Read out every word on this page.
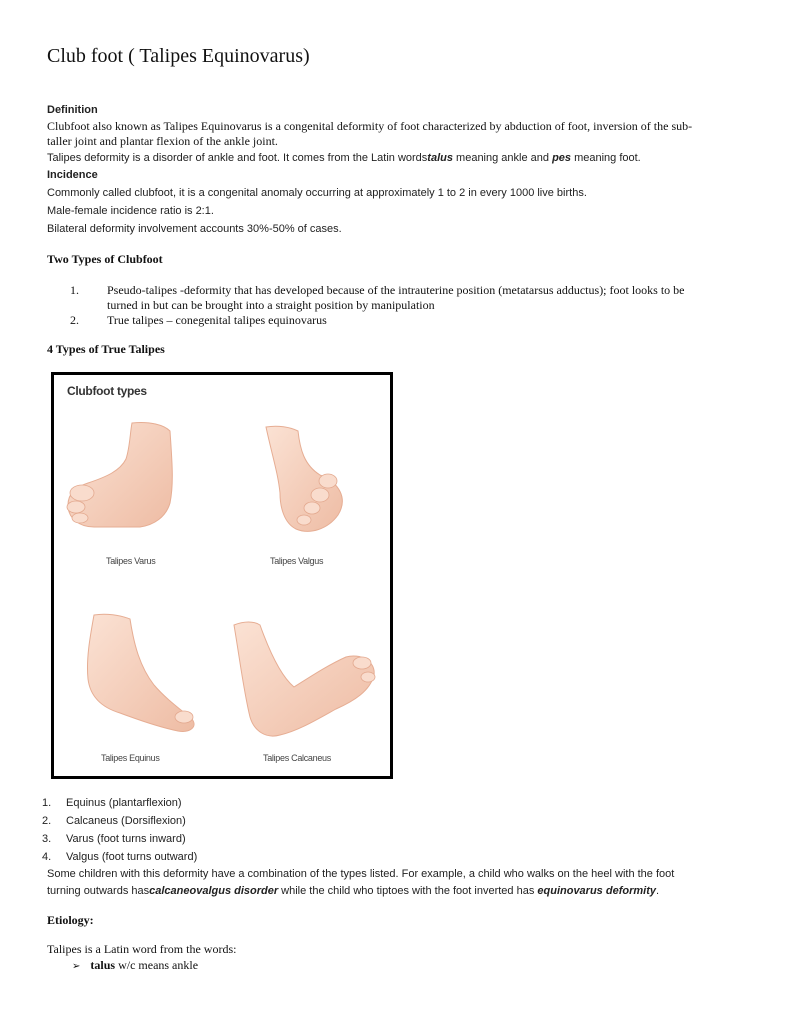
Club foot ( Talipes Equinovarus)
Definition
Clubfoot also known as Talipes Equinovarus is a congenital deformity of foot characterized by abduction of foot, inversion of the sub-
taller joint and plantar flexion of the ankle joint.
Talipes deformity is a disorder of ankle and foot. It comes from the Latin wordstalus meaning ankle and pes meaning foot.
Incidence
Commonly called clubfoot, it is a congenital anomaly occurring at approximately 1 to 2 in every 1000 live births.
Male-female incidence ratio is 2:1.
Bilateral deformity involvement accounts 30%-50% of cases.
Two Types of Clubfoot
1. Pseudo-talipes -deformity that has developed because of the intrauterine position (metatarsus adductus); foot looks to be
turned in but can be brought into a straight position by manipulation
2. True talipes – conegenital talipes equinovarus
4 Types of True Talipes
Clubfoot types
Talipes Varus	Talipes Valgus
Talipes Equinus	Talipes Calcaneus
1. Equinus (plantarflexion)
2. Calcaneus (Dorsiflexion)
3. Varus (foot turns inward)
4. Valgus (foot turns outward)
Some children with this deformity have a combination of the types listed. For example, a child who walks on the heel with the foot
turning outwards hascalcaneovalgus disorder while the child who tiptoes with the foot inverted has equinovarus deformity.
Etiology:
Talipes is a Latin word from the words:
➢ talus w/c means ankle
